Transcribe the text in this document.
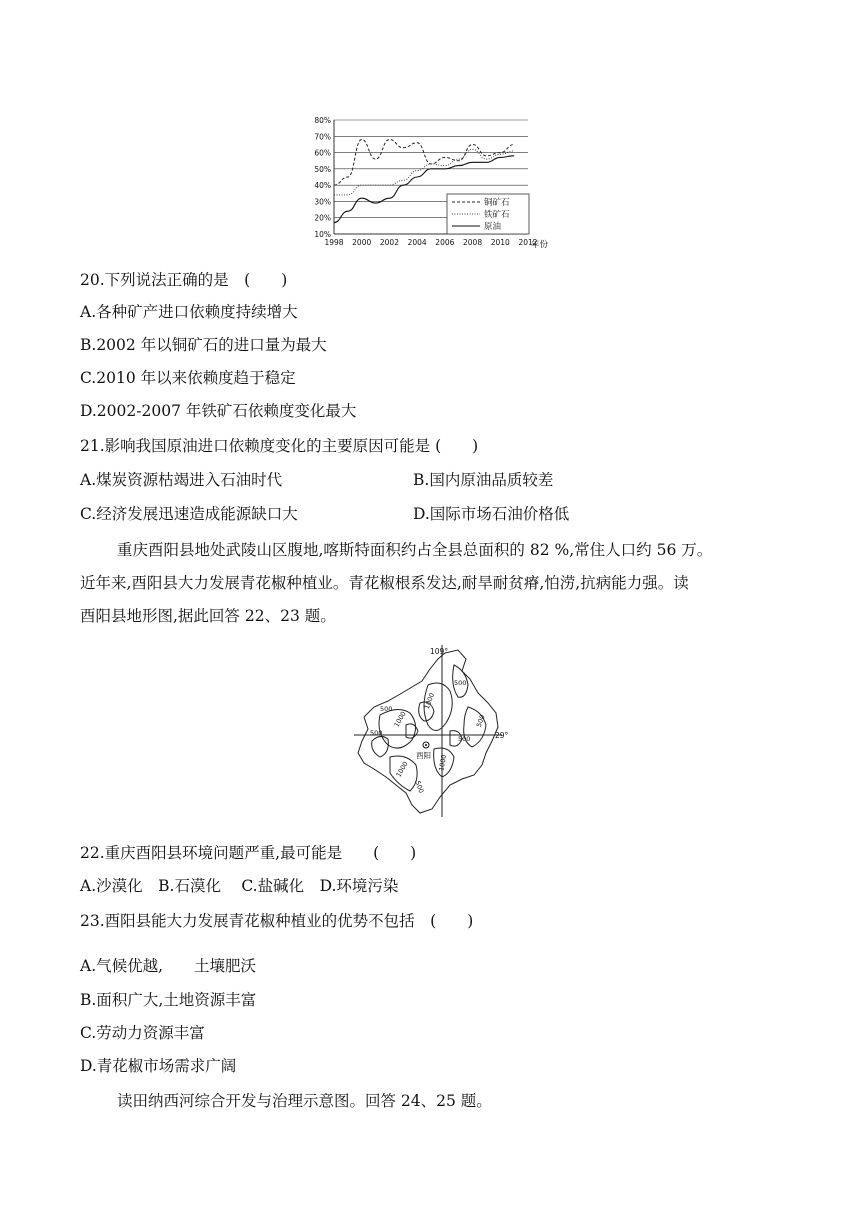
10%
20%
30%
40%
50%
60%
70%
80%
1998 2000 2002 2004 2006 2008 2010 2012
铜矿石
铁矿石
原油
年份
20.下列说法正确的是　(　　)
A.各种矿产进口依赖度持续增大
B.2002 年以铜矿石的进口量为最大
C.2010 年以来依赖度趋于稳定
D.2002-2007 年铁矿石依赖度变化最大
21.影响我国原油进口依赖度变化的主要原因可能是 (　　)
A.煤炭资源枯竭进入石油时代	B.国内原油品质较差
C.经济发展迅速造成能源缺口大	D.国际市场石油价格低
重庆酉阳县地处武陵山区腹地,喀斯特面积约占全县总面积的 82 %,常住人口约 56 万。
近年来,酉阳县大力发展青花椒种植业。青花椒根系发达,耐旱耐贫瘠,怕涝,抗病能力强。读
酉阳县地形图,据此回答 22、23 题。
109°
29°
酉阳
500
1000
1000
500
500
500
1000
500
500
1000
22.重庆酉阳县环境问题严重,最可能是　　(　　)
A.沙漠化　B.石漠化　 C.盐碱化　D.环境污染
23.酉阳县能大力发展青花椒种植业的优势不包括　(　　)
A.气候优越,　　土壤肥沃
B.面积广大,土地资源丰富
C.劳动力资源丰富
D.青花椒市场需求广阔
读田纳西河综合开发与治理示意图。回答 24、25 题。
